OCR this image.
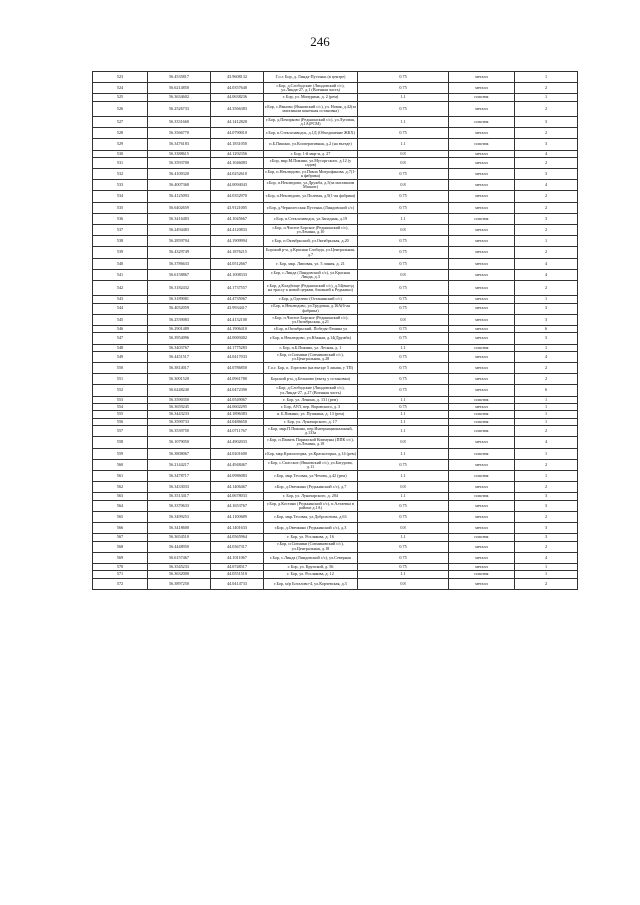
246
523	56.4535817	43.9608132	Г.о.г. Бор, д. Линда-Пустынь (в центре)	0.75	металл	1
524	56.6214850	44.0357640	г.Бор, д.Слободские (Линдовский с/с), ул.Линда-27, д.1 (Военная часть)	0.75	металл	2
525	56.3634602	44.0638236	г. Бор, ул. Мичурина, д. 2 (рем)	1.1	пластик	1
526	56.2526733	44.3566383	г.Бор, с.Ямново (Ямновский с/с), ул. Новая, д.42(за магазином конечная остановка)	0.75	металл	2
527	56.3331660	44.1412820	г.Бор, д.Почирково (Редькинский с/с), ул.Луговая, д.1А(РСМ)	1.1	пластик	3
528	56.3566770	44.0790010	г.Бор, п.Стеклозаводск, д.1Д (Объединение ЖКХ)	0.75	металл	2
529	56.3476183	44.1831050	п.Б.Пикино, ул.Кооперативная, д.2 (на въезде)	1.1	пластик	3
530	56.3388615	44.1292356	г. Бор, 1-й мкр-н, д. 27	0.8	металл	4
531	56.3593700	44.1046083	г.Бор, мкр.М.Пикино, ул.Мусоргского, д.12 (у садов)	0.8	металл	2
532	56.4100320	44.0252610	г.Бор, п.Неклюдово, ул.Павла Митрофанова, д.7(1-я фабрика)	0.75	металл	3
533	56.4007368	44.0094043	г.Бор, п.Неклюдово, ул.Дружба, д.5(за магазином Магнит)	0.8	металл	4
534	56.4125093	44.0352970	г.Бор, п.Неклюдово, ул.Полевая, д.9(1-ая фабрика)	0.75	металл	2
535	56.6402659	43.9121005	г.Бор, д.Чернолесская Пустынь (Линдовский с/с)	0.75	металл	2
536	56.3416483	44.1045667	г.Бор, п.Стеклозаводск, ул.Западная, д.19	1.1	пластик	3
537	56.2494483	44.4120833	г.Бор, п.Чистое Борское (Редькинский с/с), ул.Ленина, д.10	0.8	металл	2
538	56.2859704	44.1909994	г.Бор, п.Октябрьский, ул.Октябрьская, д.20	0.75	металл	1
539	56.4329749	44.1876215	Борский р-н, д.Красная Слобода, ул.Центральная, д.7	0.75	металл	2
540	56.3786633	44.0512667	г. Бор, мкр. Липовая, ул. 5 линия, д. 21	0.75	металл	4
541	56.6158867	44.1008333	г.Бор, с.Линда (Линдовский с/с), ул.Красная Линда, д.3	0.8	металл	4
542	56.3182432	44.1737557	г.Бор, д.Кладбище (Редькинский с/с), д.54(выезд на трассу к новой церкви, ближней к Редькино)	0.75	металл	2
543	56.3189081	44.4735067	г.Бор, д.Оделево (Останинский с/с)	0.75	металл	1
544	56.4032059	43.9934417	г.Бор, п.Неклюдово, ул.Трудовая, д.16А(6-ая фабрика)	0.75	металл	3
545	56.2539083	44.4132100	г.Бор, п.Чистое Борское (Редькинский с/с), ул.Октябрьская, д.21	0.8	металл	3
546	56.2901489	44.1906410	г.Бор, п.Октябрьский, Победы-Ленина ул	0.75	металл	6
547	56.3954096	44.0069402	г.Бор, п.Неклюдово, ул.Южная, д.14(Дружба)	0.75	металл	3
548	56.3403767	44.1775283	г. Бор, п.Б.Пикино, ул. Лесная, д. 1	1.1	пластик	1
549	56.4451517	44.0417033	г.Бор, п.Ситники (Ситниковский с/с), ул.Центральная, д.28	0.75	металл	4
550	56.3814017	44.0786850	Г.о.г. Бор, п. Горелово (на въезде 5 линия, у ТП)	0.75	металл	2
551	56.3001520	44.0961780	Борский р-н, д.Бельково (въезд у остановки)	0.75	металл	2
552	56.6248240	44.0472390	г.Бор, д.Слободские (Линдовский с/с), ул.Линда-27, д.27 (Военная часть)	0.75	металл	6
553	56.3590350	44.0549067	г. Бор, ул. Ленина, д. 131 (рем)	1.1	пластик	1
554	56.3659245	44.0602295	г. Бор, АУЛ, пер. Воровского, д. 3	0.75	металл	1
555	56.3443233	44.1896383	п. Б.Пикино, ул. Пушкина, д. 13 (рем)	1.1	пластик	1
556	56.3590733	44.0486650	г. Бор, ул. Луначарского, д. 17	1.1	пластик	1
557	56.3539750	44.0711767	г.Бор, мкр.П.Пикино, пер.Интернациональный, д.133а	1.1	пластик	2
558	56.1079050	44.4902033	г.Бор, п.Память Парижской Коммуны (ППК с/с), ул.Ленина, д.18	0.8	металл	4
559	56.3808067	44.0201600	г.Бор, мкр.Красногорка, ул.Красногорка, д.14 (рем)	1.1	пластик	1
560	56.2144217	44.4948467	г.Бор, с.Спасское (Ямновский с/с), ул.Батурова, д.11	0.75	металл	2
561	56.3478717	44.0986083	г.Бор, мкр.Тесовая, ул.Чехова, д.42 (рем)	1.1	пластик	1
562	56.3433033	44.1406467	г.Бор, д.Овечкино (Редькинский с/с), д.7	0.8	металл	2
563	56.3513417	44.0678033	г. Бор, ул. Луначарского, д. 204	1.1	пластик	3
564	56.3370633	44.1653767	г.Бор, д.Костино (Редькинский с/с), п.Алтаевка в районе д.1А)	0.75	металл	3
565	56.3499253	44.1100689	г.Бор, мкр.Тесовая, ул.Доброхотова, д.63	0.75	металл	2
566	56.3418600	44.1401633	г.Бор, д.Овечкино (Редькинский с/с), д.3	0.8	металл	3
567	56.3654510	44.0565964	г. Бор, ул. Рослякова, д. 16	1.1	пластик	3
568	56.4448950	44.0367317	г.Бор, п.Ситники (Ситниковский с/с), ул.Центральная, д.18	0.75	металл	2
569	56.6157467	44.1011067	г.Бор, с.Линда (Линдовский с/с), ул.Северная	0.75	металл	4
570	56.3545233	44.0748317	г. Бор, ул. Крупской, д. 56	0.75	металл	1
571	56.3632000	44.0551510	г. Бор, ул. Рослякова, д. 12	1.1	пластик	1
572	56.3897250	44.0414733	г.Бор, м/р Боталово-4, ул.Корчевская, д.3	0.8	металл	2
